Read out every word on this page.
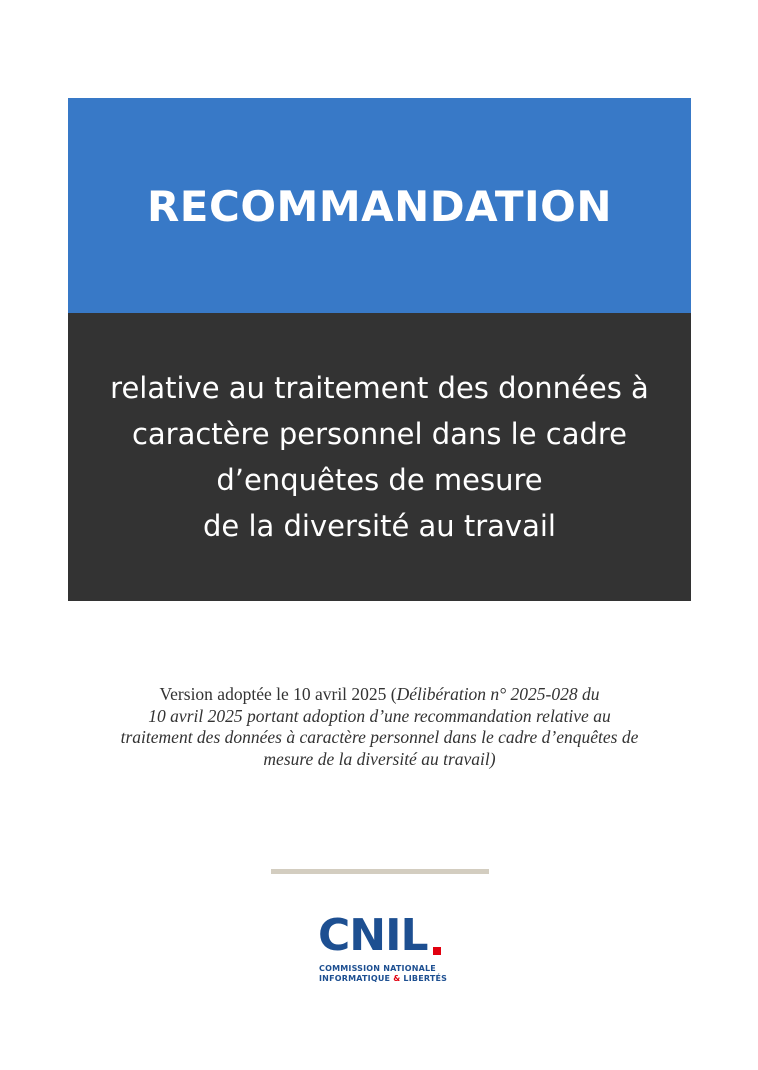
RECOMMANDATION
relative au traitement des données à
caractère personnel dans le cadre
d’enquêtes de mesure
de la diversité au travail
Version adoptée le 10 avril 2025 (Délibération n° 2025-028 du
10 avril 2025 portant adoption d’une recommandation relative au
traitement des données à caractère personnel dans le cadre d’enquêtes de
mesure de la diversité au travail)
CNIL
COMMISSION NATIONALE
INFORMATIQUE & LIBERTÉS
